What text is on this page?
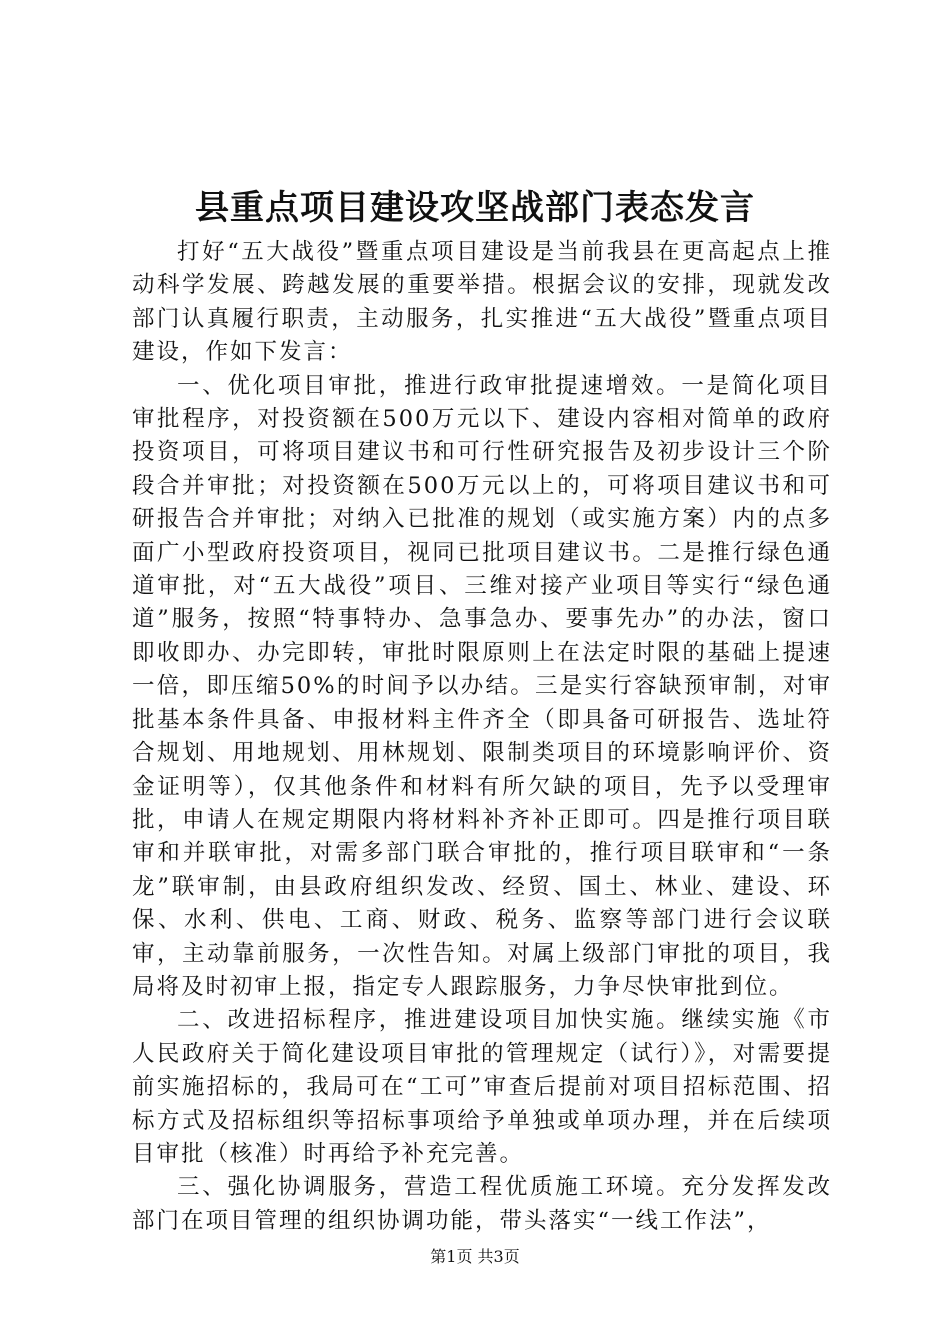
县重点项目建设攻坚战部门表态发言

打好“五大战役”暨重点项目建设是当前我县在更高起点上推动科学发展、跨越发展的重要举措。根据会议的安排，现就发改部门认真履行职责，主动服务，扎实推进“五大战役”暨重点项目建设，作如下发言：

一、优化项目审批，推进行政审批提速增效。一是简化项目审批程序，对投资额在500万元以下、建设内容相对简单的政府投资项目，可将项目建议书和可行性研究报告及初步设计三个阶段合并审批；对投资额在500万元以上的，可将项目建议书和可研报告合并审批；对纳入已批准的规划（或实施方案）内的点多面广小型政府投资项目，视同已批项目建议书。二是推行绿色通道审批，对“五大战役”项目、三维对接产业项目等实行“绿色通道”服务，按照“特事特办、急事急办、要事先办”的办法，窗口即收即办、办完即转，审批时限原则上在法定时限的基础上提速一倍，即压缩50%的时间予以办结。三是实行容缺预审制，对审批基本条件具备、申报材料主件齐全（即具备可研报告、选址符合规划、用地规划、用林规划、限制类项目的环境影响评价、资金证明等），仅其他条件和材料有所欠缺的项目，先予以受理审批，申请人在规定期限内将材料补齐补正即可。四是推行项目联审和并联审批，对需多部门联合审批的，推行项目联审和“一条龙”联审制，由县政府组织发改、经贸、国土、林业、建设、环保、水利、供电、工商、财政、税务、监察等部门进行会议联审，主动靠前服务，一次性告知。对属上级部门审批的项目，我局将及时初审上报，指定专人跟踪服务，力争尽快审批到位。

二、改进招标程序，推进建设项目加快实施。继续实施《市人民政府关于简化建设项目审批的管理规定（试行）》，对需要提前实施招标的，我局可在“工可”审查后提前对项目招标范围、招标方式及招标组织等招标事项给予单独或单项办理，并在后续项目审批（核准）时再给予补充完善。

三、强化协调服务，营造工程优质施工环境。充分发挥发改部门在项目管理的组织协调功能，带头落实“一线工作法”，

第1页 共3页
